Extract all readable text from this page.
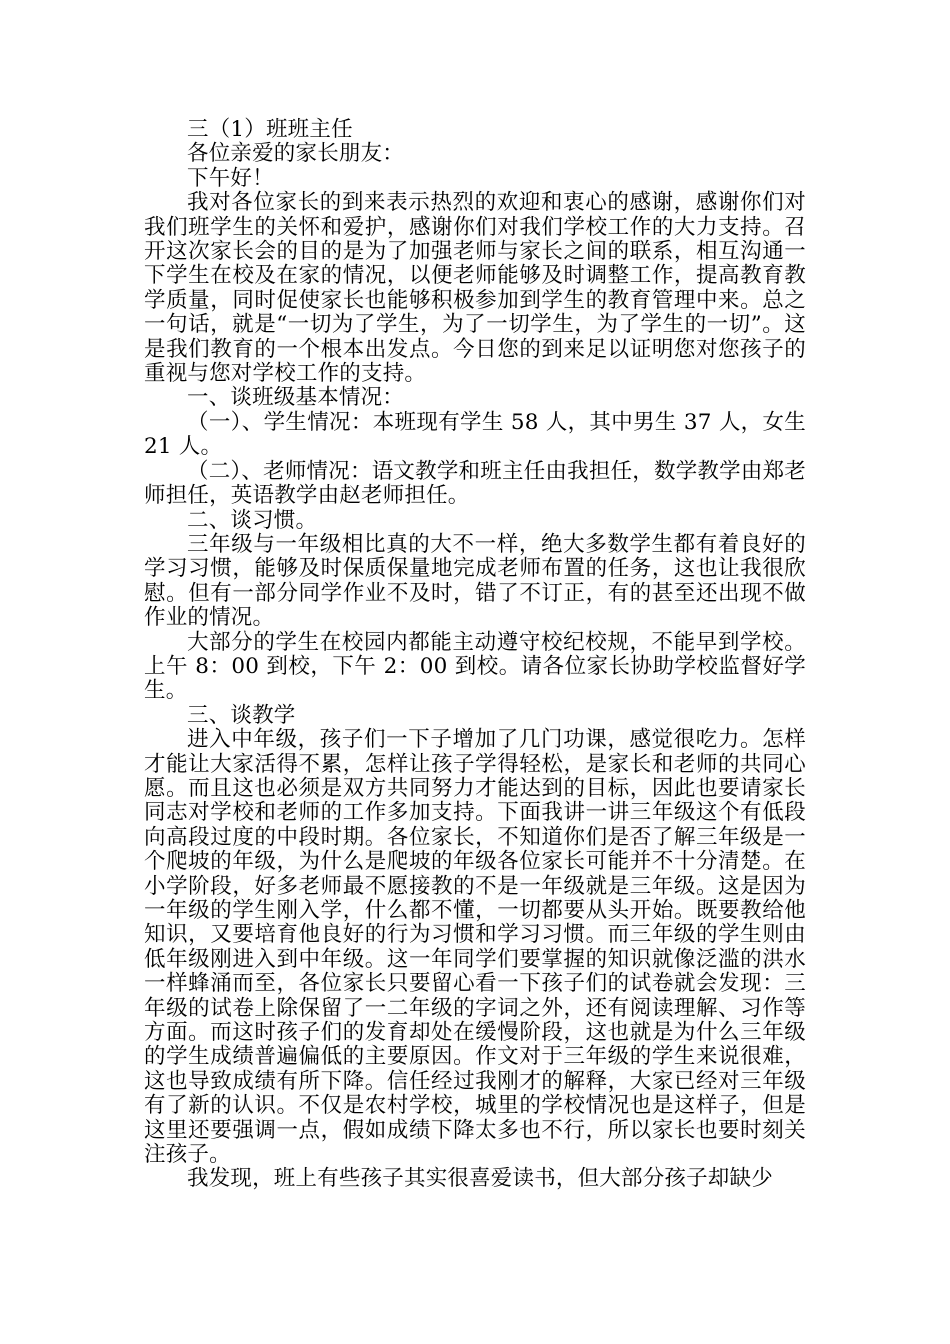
三（1）班班主任

各位亲爱的家长朋友：

下午好！

我对各位家长的到来表示热烈的欢迎和衷心的感谢，感谢你们对我们班学生的关怀和爱护，感谢你们对我们学校工作的大力支持。召开这次家长会的目的是为了加强老师与家长之间的联系，相互沟通一下学生在校及在家的情况，以便老师能够及时调整工作，提高教育教学质量，同时促使家长也能够积极参加到学生的教育管理中来。总之一句话，就是“一切为了学生，为了一切学生，为了学生的一切”。这是我们教育的一个根本出发点。今日您的到来足以证明您对您孩子的重视与您对学校工作的支持。

一、谈班级基本情况：

（一）、学生情况：本班现有学生 58 人，其中男生 37 人，女生 21 人。

（二）、老师情况：语文教学和班主任由我担任，数学教学由郑老师担任，英语教学由赵老师担任。

二、谈习惯。

三年级与一年级相比真的大不一样，绝大多数学生都有着良好的学习习惯，能够及时保质保量地完成老师布置的任务，这也让我很欣慰。但有一部分同学作业不及时，错了不订正，有的甚至还出现不做作业的情况。

大部分的学生在校园内都能主动遵守校纪校规，不能早到学校。上午 8：00 到校，下午 2：00 到校。请各位家长协助学校监督好学生。

三、谈教学

进入中年级，孩子们一下子增加了几门功课，感觉很吃力。怎样才能让大家活得不累，怎样让孩子学得轻松，是家长和老师的共同心愿。而且这也必须是双方共同努力才能达到的目标，因此也要请家长同志对学校和老师的工作多加支持。下面我讲一讲三年级这个有低段向高段过度的中段时期。各位家长，不知道你们是否了解三年级是一个爬坡的年级，为什么是爬坡的年级各位家长可能并不十分清楚。在小学阶段，好多老师最不愿接教的不是一年级就是三年级。这是因为一年级的学生刚入学，什么都不懂，一切都要从头开始。既要教给他知识，又要培育他良好的行为习惯和学习习惯。而三年级的学生则由低年级刚进入到中年级。这一年同学们要掌握的知识就像泛滥的洪水一样蜂涌而至，各位家长只要留心看一下孩子们的试卷就会发现：三年级的试卷上除保留了一二年级的字词之外，还有阅读理解、习作等方面。而这时孩子们的发育却处在缓慢阶段，这也就是为什么三年级的学生成绩普遍偏低的主要原因。作文对于三年级的学生来说很难，这也导致成绩有所下降。信任经过我刚才的解释，大家已经对三年级有了新的认识。不仅是农村学校，城里的学校情况也是这样子，但是这里还要强调一点，假如成绩下降太多也不行，所以家长也要时刻关注孩子。

我发现，班上有些孩子其实很喜爱读书，但大部分孩子却缺少
